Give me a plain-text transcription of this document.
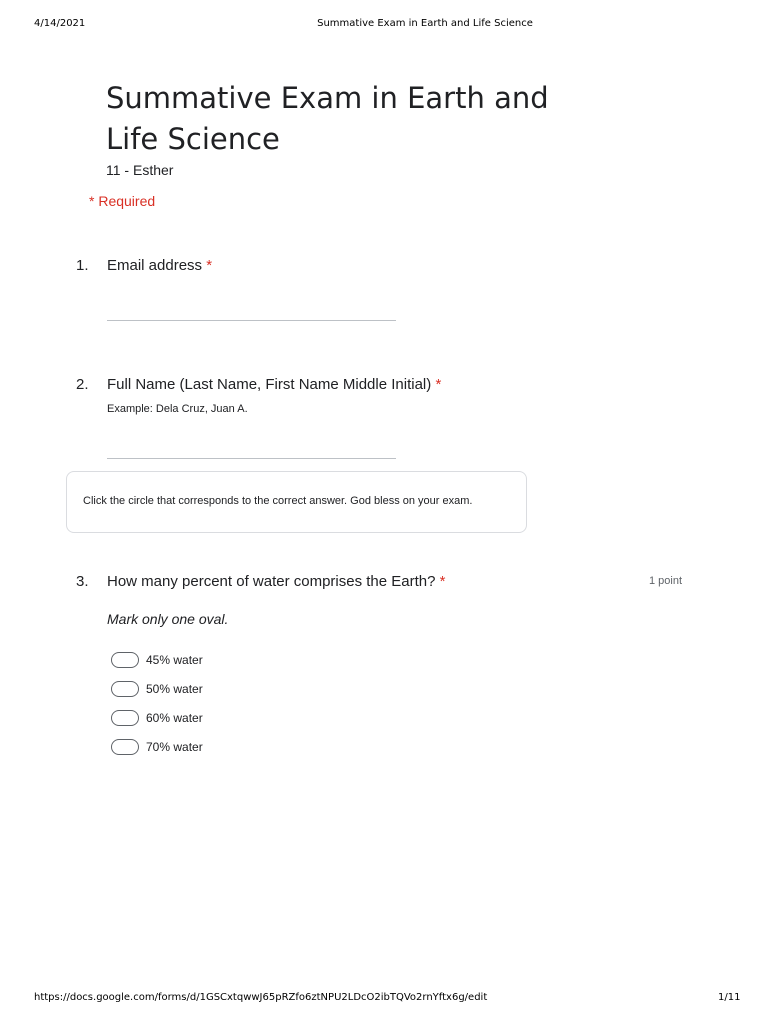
4/14/2021	Summative Exam in Earth and Life Science
Summative Exam in Earth and Life Science
11 - Esther
* Required
1. Email address *
2. Full Name (Last Name, First Name Middle Initial) *
Example: Dela Cruz, Juan A.
Click the circle that corresponds to the correct answer. God bless on your exam.
3. How many percent of water comprises the Earth? *	1 point
Mark only one oval.
45% water
50% water
60% water
70% water
https://docs.google.com/forms/d/1GSCxtqwwJ65pRZfo6ztNPU2LDcO2ibTQVo2rnYftx6g/edit	1/11
